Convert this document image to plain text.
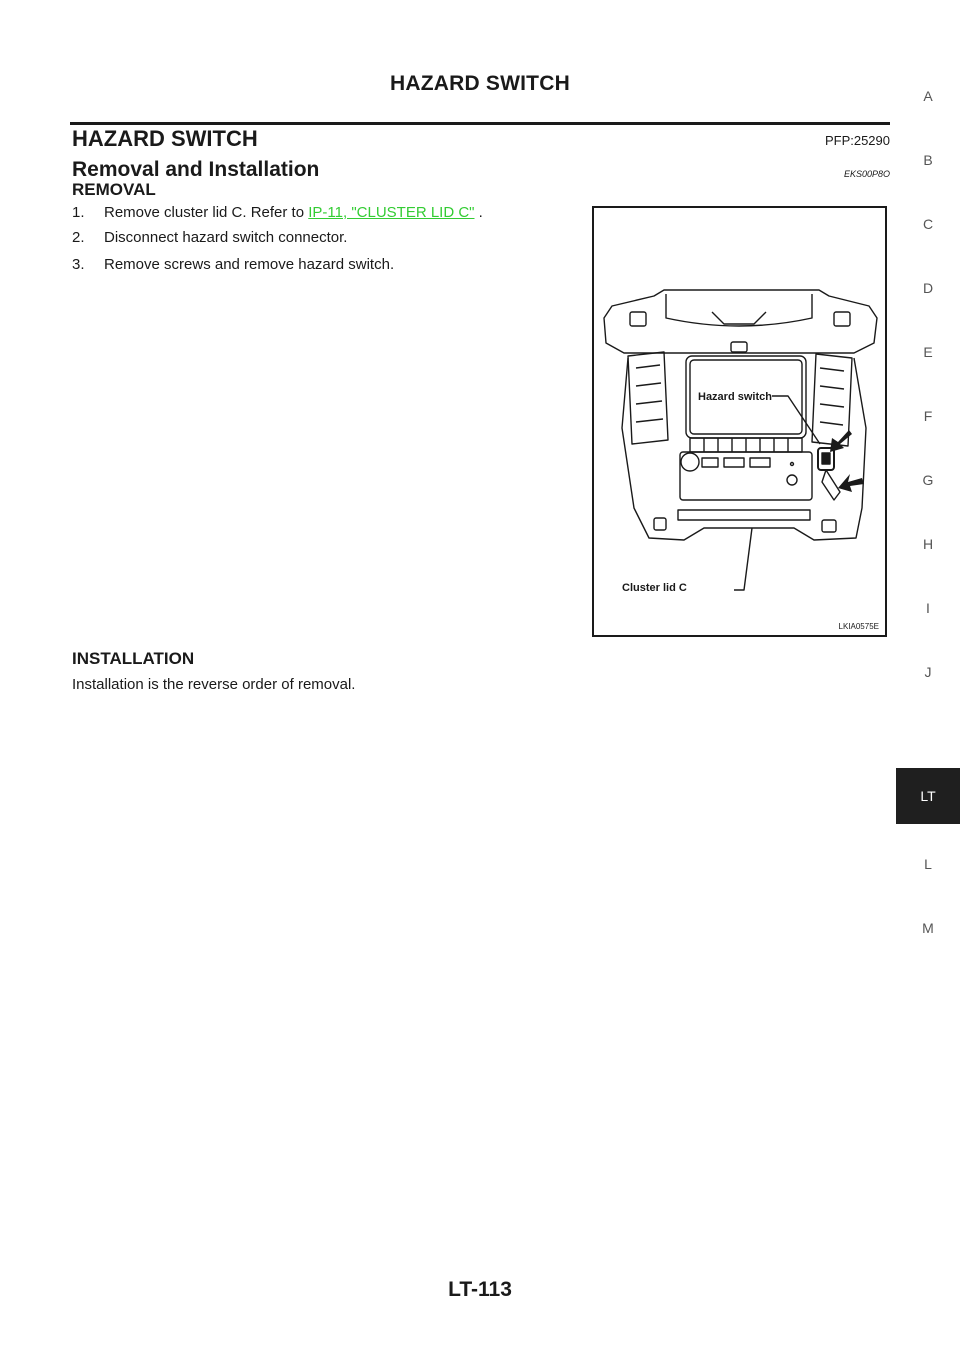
HAZARD SWITCH
HAZARD SWITCH	PFP:25290
Removal and Installation	EKS00P8O
REMOVAL
1. Remove cluster lid C. Refer to IP-11, "CLUSTER LID C" .
2. Disconnect hazard switch connector.
3. Remove screws and remove hazard switch.
Hazard switch
Cluster lid C
LKIA0575E
INSTALLATION
Installation is the reverse order of removal.
A
B
C
D
E
F
G
H
I
J
LT
L
M
LT-113
